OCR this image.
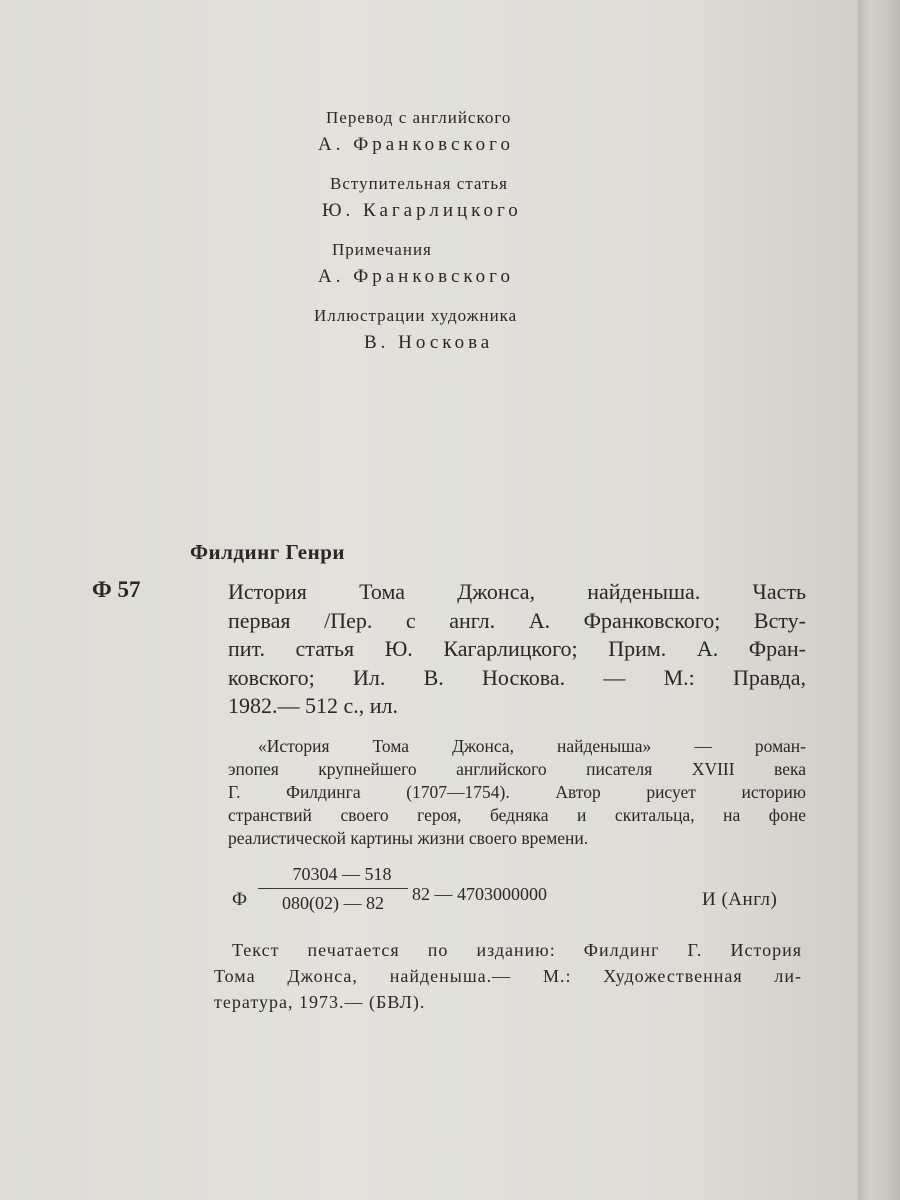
Перевод с английского
А. Франковского
Вступительная статья
Ю. Кагарлицкого
Примечания
А. Франковского
Иллюстрации художника
В. Носкова
Филдинг Генри
Ф 57	История Тома Джонса, найденыша. Часть
первая /Пер. с англ. А. Франковского; Всту-
пит. статья Ю. Кагарлицкого; Прим. А. Фран-
ковского; Ил. В. Носкова. — М.: Правда,
1982.— 512 с., ил.
«История Тома Джонса, найденыша» — роман-
эпопея крупнейшего английского писателя XVIII века
Г. Филдинга (1707—1754). Автор рисует историю
странствий своего героя, бедняка и скитальца, на фоне
реалистической картины жизни своего времени.
Ф
70304 — 518
080(02) — 82	82 — 4703000000	И (Англ)
Текст печатается по изданию: Филдинг Г. История
Тома Джонса, найденыша.— М.: Художественная ли-
тература, 1973.— (БВЛ).
